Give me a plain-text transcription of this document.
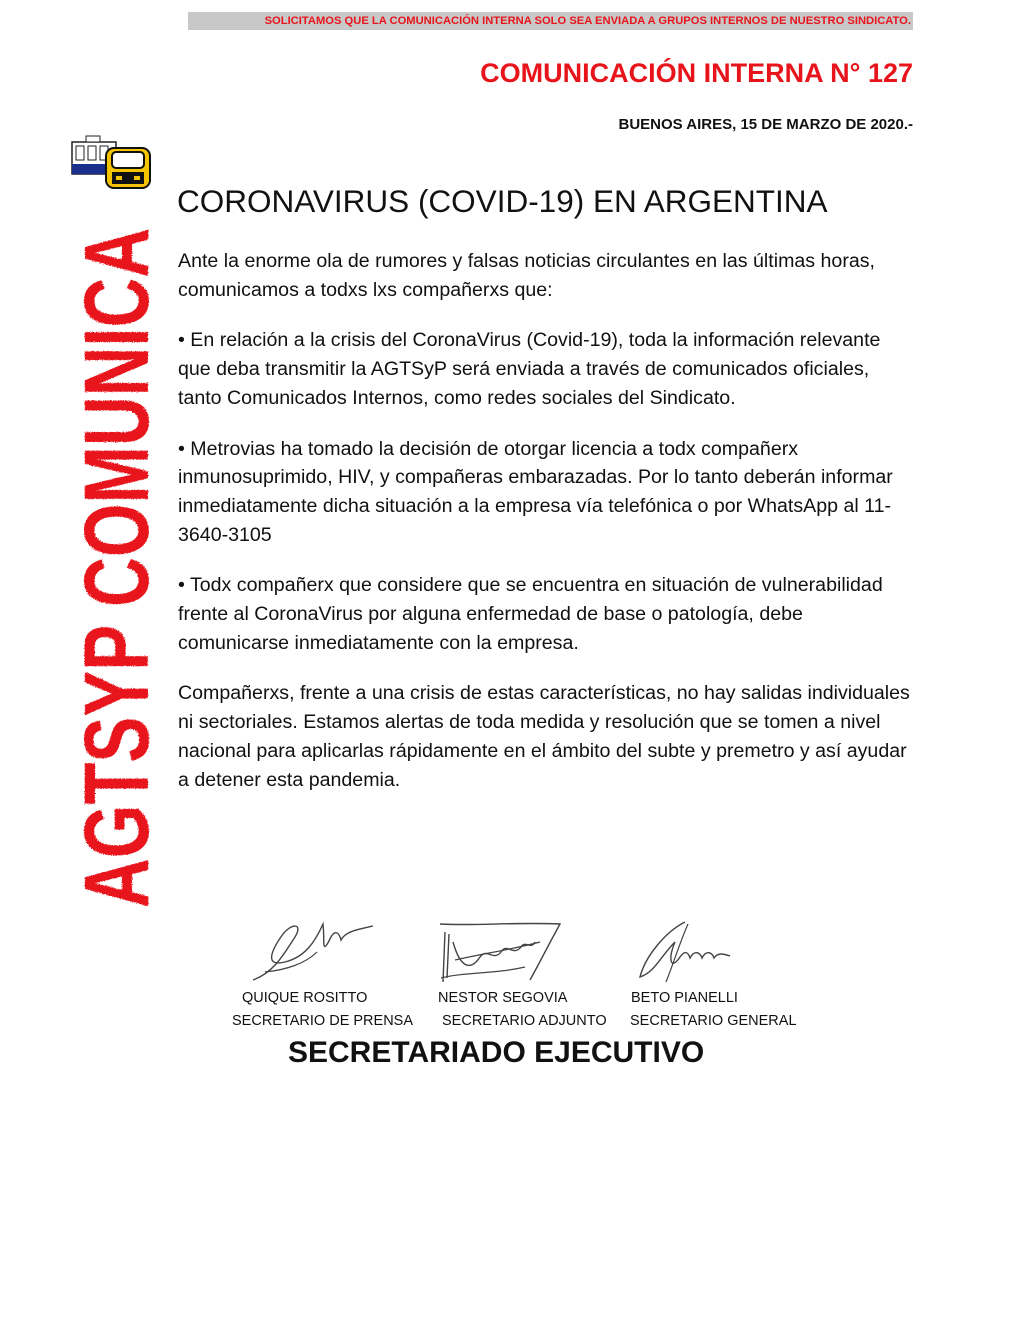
SOLICITAMOS QUE LA COMUNICACIÓN INTERNA SOLO SEA ENVIADA A GRUPOS INTERNOS DE NUESTRO SINDICATO.
COMUNICACIÓN INTERNA N° 127
BUENOS AIRES, 15 DE MARZO DE 2020.-
AGTSYP COMUNICA CORONAVIRUS (COVID-19) EN ARGENTINA

Ante la enorme ola de rumores y falsas noticias circulantes en las últimas horas, comunicamos a todxs lxs compañerxs que:

• En relación a la crisis del CoronaVirus (Covid-19), toda la información relevante que deba transmitir la AGTSyP será enviada a través de comunicados oficiales, tanto Comunicados Internos, como redes sociales del Sindicato.

• Metrovias ha tomado la decisión de otorgar licencia a todx compañerx inmunosuprimido, HIV, y compañeras embarazadas. Por lo tanto deberán informar inmediatamente dicha situación a la empresa vía telefónica o por WhatsApp al 11-3640-3105

• Todx compañerx que considere que se encuentra en situación de vulnerabilidad frente al CoronaVirus por alguna enfermedad de base o patología, debe comunicarse inmediatamente con la empresa.

Compañerxs, frente a una crisis de estas características, no hay salidas individuales ni sectoriales. Estamos alertas de toda medida y resolución que se tomen a nivel nacional para aplicarlas rápidamente en el ámbito del subte y premetro y así ayudar a detener esta pandemia.

QUIQUE ROSITTO
SECRETARIO DE PRENSA
NESTOR SEGOVIA
SECRETARIO ADJUNTO
BETO PIANELLI
SECRETARIO GENERAL
SECRETARIADO EJECUTIVO
